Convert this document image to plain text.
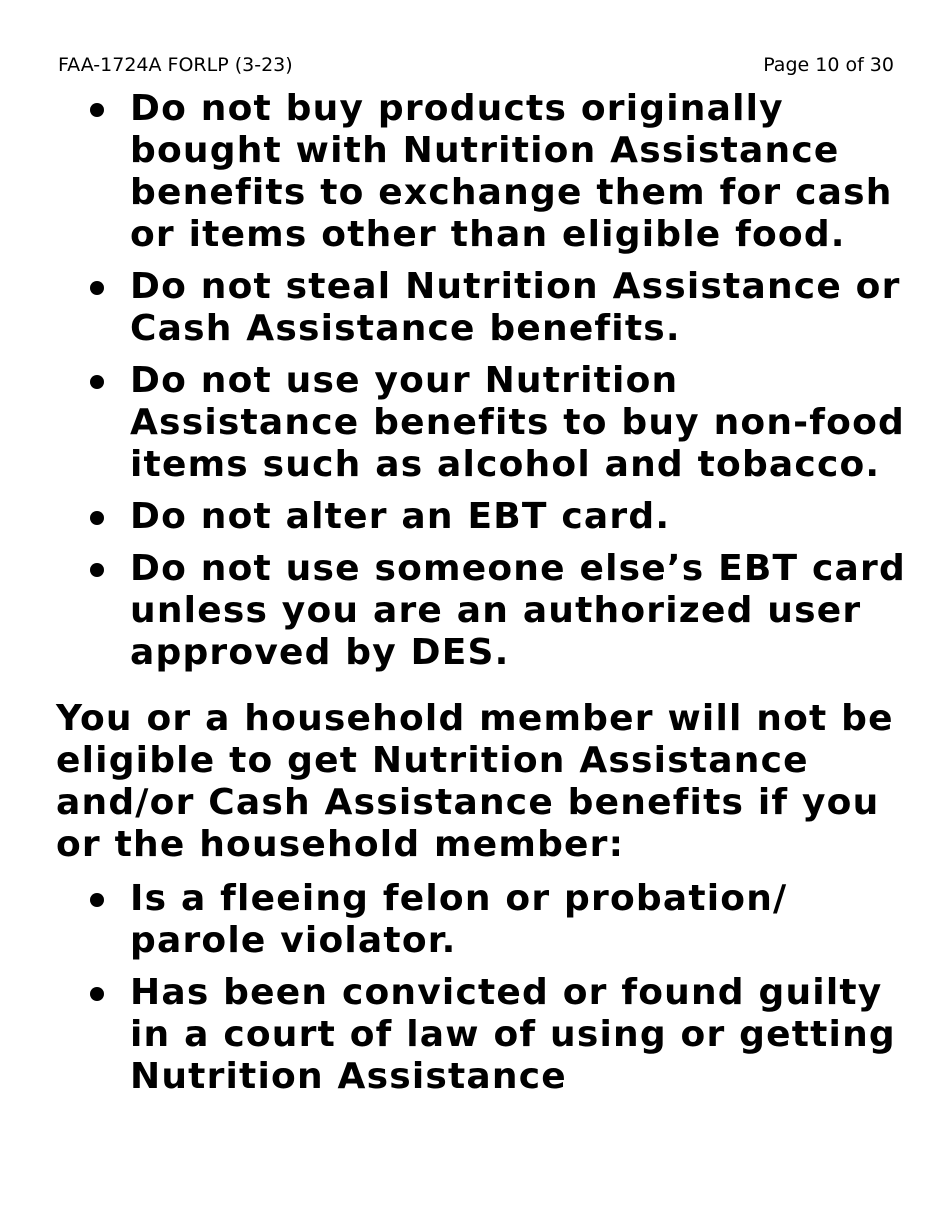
FAA-1724A FORLP (3-23)	Page 10 of 30
Do not buy products originally bought with Nutrition Assistance benefits to exchange them for cash or items other than eligible food.
Do not steal Nutrition Assistance or Cash Assistance benefits.
Do not use your Nutrition Assistance benefits to buy non-food items such as alcohol and tobacco.
Do not alter an EBT card.
Do not use someone else’s EBT card unless you are an authorized user approved by DES.

You or a household member will not be eligible to get Nutrition Assistance and/or Cash Assistance benefits if you or the household member:

Is a fleeing felon or probation/ parole violator.
Has been convicted or found guilty in a court of law of using or getting Nutrition Assistance
